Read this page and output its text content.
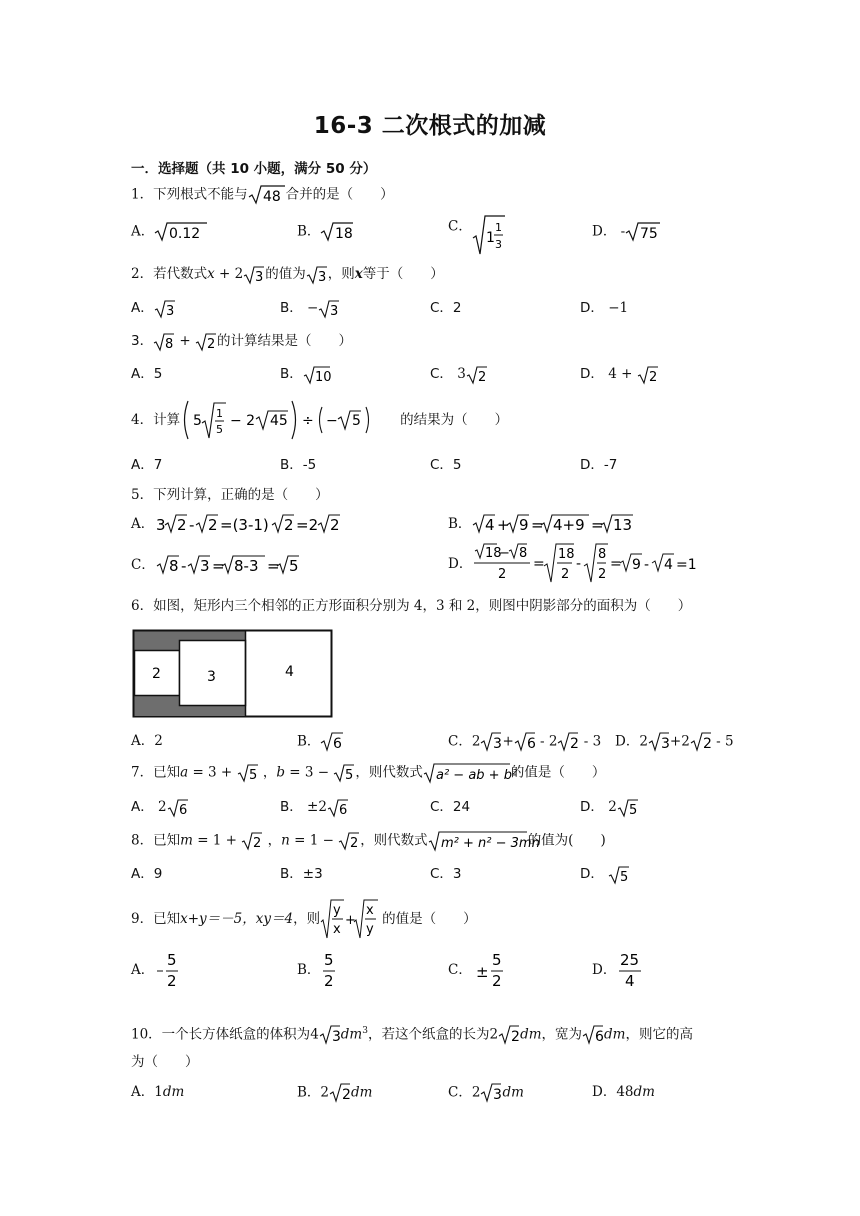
16-3 二次根式的加减
一．选择题（共 10 小题，满分 50 分）
1．下列根式不能与 48 合并的是（　　）
A． 0.12	B． 18	C．
1
1
3
D． - 75
2．若代数式x + 2 3 的值为 3 ，则x等于（　　）
A． 3	B． − 3	C．2	D． −1
3． 8 + 2 的计算结果是（　　）
A．5	B． 10	C． 3 2	D． 4 + 2
4．计算 5 1
5
− 2 45 ÷ − 5	的结果为（　　）
A．7	B．-5	C．5	D．-7
5．下列计算，正确的是（　　）
A． 3 2 - 2 =(3-1) 2 =2 2	B． 4 + 9 = 4+9 = 13
C． 8 - 3 = 8-3 = 5	D．
18
− 8
2
=
18
2
-
8
2
= 9 - 4 =1
6．如图，矩形内三个相邻的正方形面积分别为 4，3 和 2，则图中阴影部分的面积为（　　）
2	3	4
A．2	B． 6	C．2 3 + 6 - 2 2 - 3 D．2 3 +2 2 - 5
7．已知a = 3 + 5 ，b = 3 − 5 ，则代数式 a² − ab + b²
的值是（　　）
A． 2 6	B． ±2 6	C．24	D． 2 5
8．已知m = 1 + 2 ，n = 1 − 2 ，则代数式 m² + n² − 3mn
的值为(　　)
A．9	B．±3	C．3	D． 5
9．已知x+y＝－5，xy＝4，则
y
x
+
x
y
的值是（　　）
A．
5
2
B．
5
2
C． ±
5
2
D．
25
4
10．一个长方体纸盒的体积为4 3 $dm^3$，若这个纸盒的长为2 2 dm，宽为 6 dm，则它的高
为（　　）
A．1dm	B．2 2 dm	C．2 3 dm	D．48dm
